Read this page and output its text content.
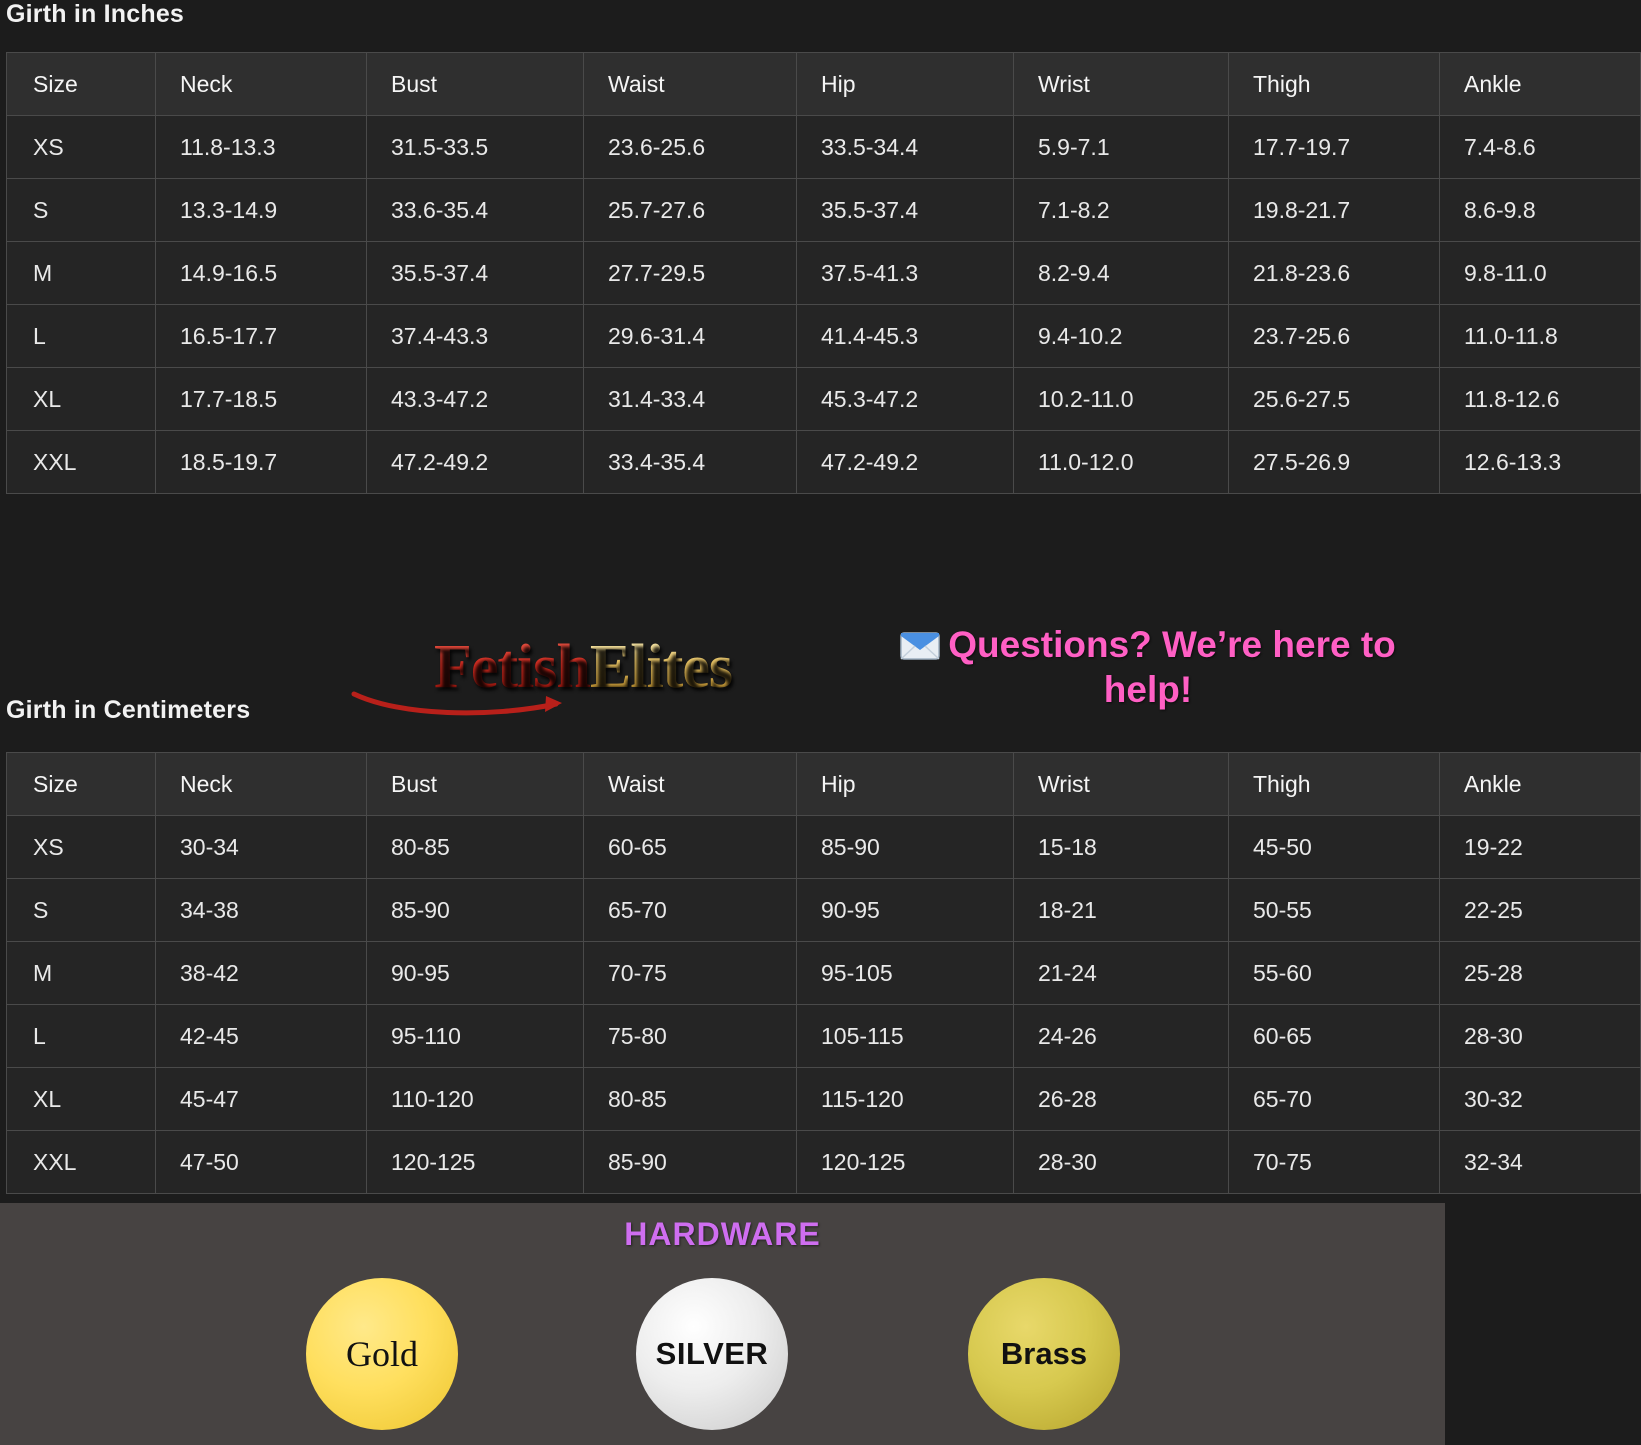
Girth in Inches
Size	Neck	Bust	Waist	Hip	Wrist	Thigh	Ankle
XS	11.8-13.3	31.5-33.5	23.6-25.6	33.5-34.4	5.9-7.1	17.7-19.7	7.4-8.6
S	13.3-14.9	33.6-35.4	25.7-27.6	35.5-37.4	7.1-8.2	19.8-21.7	8.6-9.8
M	14.9-16.5	35.5-37.4	27.7-29.5	37.5-41.3	8.2-9.4	21.8-23.6	9.8-11.0
L	16.5-17.7	37.4-43.3	29.6-31.4	41.4-45.3	9.4-10.2	23.7-25.6	11.0-11.8
XL	17.7-18.5	43.3-47.2	31.4-33.4	45.3-47.2	10.2-11.0	25.6-27.5	11.8-12.6
XXL	18.5-19.7	47.2-49.2	33.4-35.4	47.2-49.2	11.0-12.0	27.5-26.9	12.6-13.3
Fetish Elites	Questions? We’re here to help!
Girth in Centimeters
Size	Neck	Bust	Waist	Hip	Wrist	Thigh	Ankle
XS	30-34	80-85	60-65	85-90	15-18	45-50	19-22
S	34-38	85-90	65-70	90-95	18-21	50-55	22-25
M	38-42	90-95	70-75	95-105	21-24	55-60	25-28
L	42-45	95-110	75-80	105-115	24-26	60-65	28-30
XL	45-47	110-120	80-85	115-120	26-28	65-70	30-32
XXL	47-50	120-125	85-90	120-125	28-30	70-75	32-34
HARDWARE
Gold	SILVER	Brass
